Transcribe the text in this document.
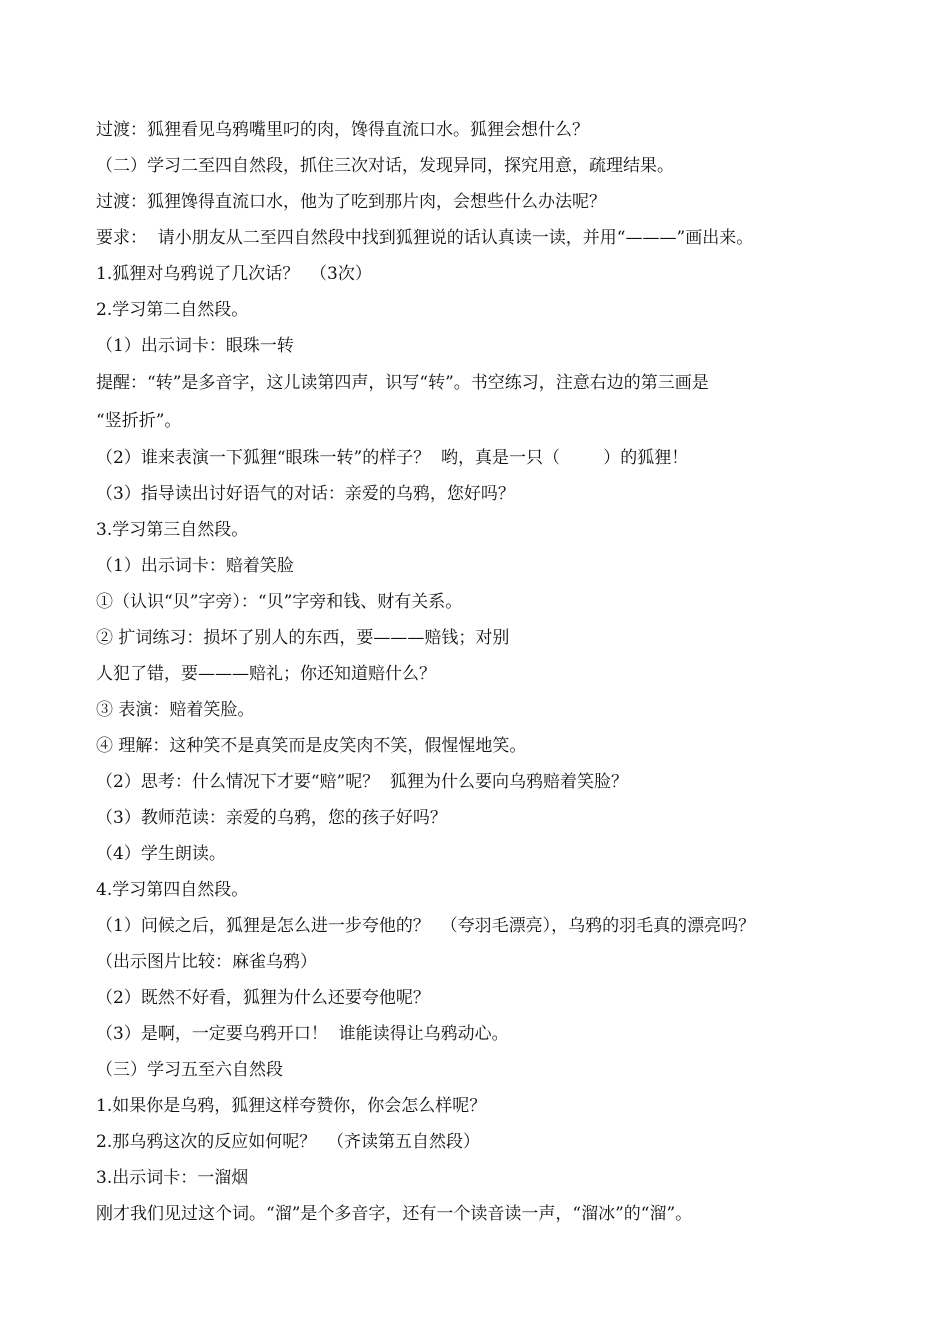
过渡：狐狸看见乌鸦嘴里叼的肉，馋得直流口水。狐狸会想什么？
（二）学习二至四自然段，抓住三次对话，发现异同，探究用意，疏理结果。
过渡：狐狸馋得直流口水，他为了吃到那片肉，会想些什么办法呢？
要求：  请小朋友从二至四自然段中找到狐狸说的话认真读一读，并用“———”画出来。
1.狐狸对乌鸦说了几次话？  （3次）
2.学习第二自然段。
（1）出示词卡：眼珠一转
提醒：“转”是多音字，这儿读第四声，识写“转”。书空练习，注意右边的第三画是
“竖折折”。
（2）谁来表演一下狐狸“眼珠一转”的样子？  哟，真是一只（        ）的狐狸！
（3）指导读出讨好语气的对话：亲爱的乌鸦，您好吗？
3.学习第三自然段。
（1）出示词卡：赔着笑脸
①（认识“贝”字旁）：“贝”字旁和钱、财有关系。
② 扩词练习：损坏了别人的东西，要———赔钱；对别
人犯了错，要———赔礼；你还知道赔什么？
③ 表演：赔着笑脸。
④ 理解：这种笑不是真笑而是皮笑肉不笑，假惺惺地笑。
（2）思考：什么情况下才要“赔”呢？  狐狸为什么要向乌鸦赔着笑脸？
（3）教师范读：亲爱的乌鸦，您的孩子好吗？
（4）学生朗读。
4.学习第四自然段。
（1）问候之后，狐狸是怎么进一步夸他的？  （夸羽毛漂亮），乌鸦的羽毛真的漂亮吗？
（出示图片比较：麻雀乌鸦）
（2）既然不好看，狐狸为什么还要夸他呢？
（3）是啊，一定要乌鸦开口！  谁能读得让乌鸦动心。
（三）学习五至六自然段
1.如果你是乌鸦，狐狸这样夸赞你，你会怎么样呢？
2.那乌鸦这次的反应如何呢？  （齐读第五自然段）
3.出示词卡：一溜烟
刚才我们见过这个词。“溜”是个多音字，还有一个读音读一声，“溜冰”的“溜”。
